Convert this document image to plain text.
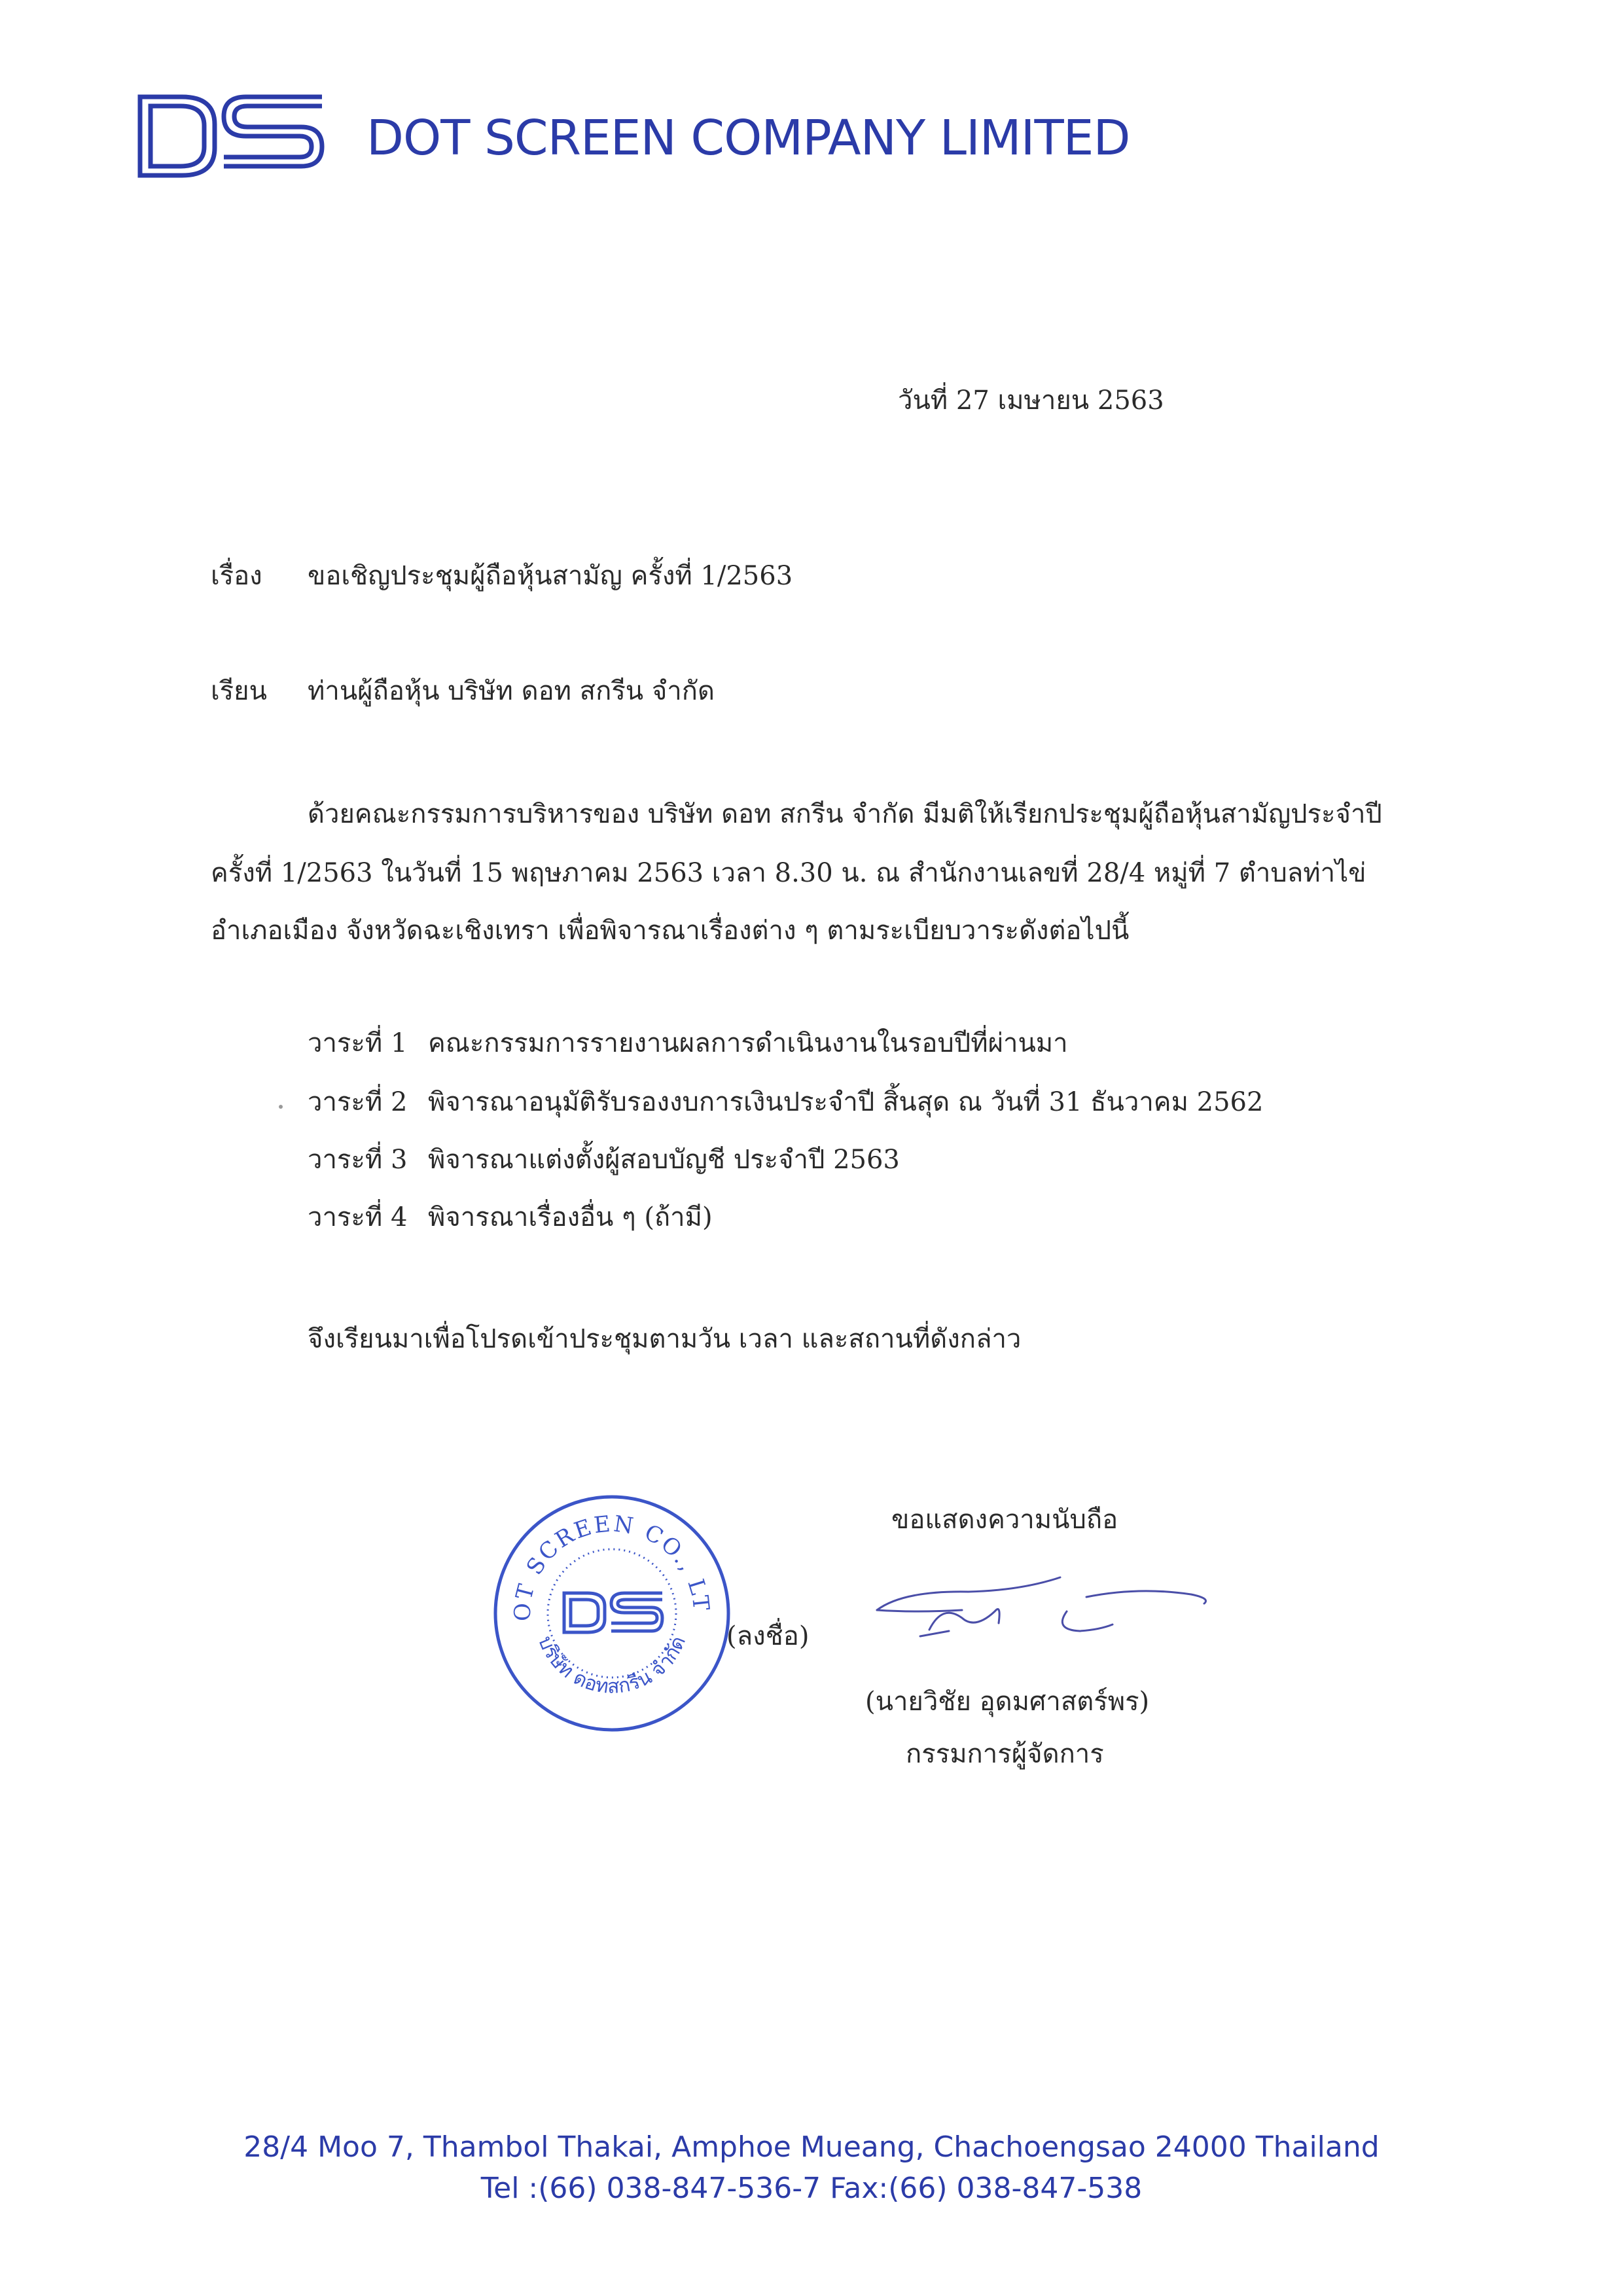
DOT SCREEN COMPANY LIMITED
วันที่ 27 เมษายน 2563
เรื่อง ขอเชิญประชุมผู้ถือหุ้นสามัญ ครั้งที่ 1/2563
เรียน ท่านผู้ถือหุ้น บริษัท ดอท สกรีน จำกัด
ด้วยคณะกรรมการบริหารของ บริษัท ดอท สกรีน จำกัด มีมติให้เรียกประชุมผู้ถือหุ้นสามัญประจำปี
ครั้งที่ 1/2563 ในวันที่ 15 พฤษภาคม 2563 เวลา 8.30 น. ณ สำนักงานเลขที่ 28/4 หมู่ที่ 7 ตำบลท่าไข่
อำเภอเมือง จังหวัดฉะเชิงเทรา เพื่อพิจารณาเรื่องต่าง ๆ ตามระเบียบวาระดังต่อไปนี้
วาระที่ 1 คณะกรรมการรายงานผลการดำเนินงานในรอบปีที่ผ่านมา
วาระที่ 2 พิจารณาอนุมัติรับรองงบการเงินประจำปี สิ้นสุด ณ วันที่ 31 ธันวาคม 2562
วาระที่ 3 พิจารณาแต่งตั้งผู้สอบบัญชี ประจำปี 2563
วาระที่ 4 พิจารณาเรื่องอื่น ๆ (ถ้ามี)
จึงเรียนมาเพื่อโปรดเข้าประชุมตามวัน เวลา และสถานที่ดังกล่าว
ขอแสดงความนับถือ
OT SCREEN CO., LT
บริษัท ดอทสกรีน จำกัด (ลงชื่อ)
(นายวิชัย อุดมศาสตร์พร)
กรรมการผู้จัดการ
28/4 Moo 7, Thambol Thakai, Amphoe Mueang, Chachoengsao 24000 Thailand
Tel :(66) 038-847-536-7 Fax:(66) 038-847-538
